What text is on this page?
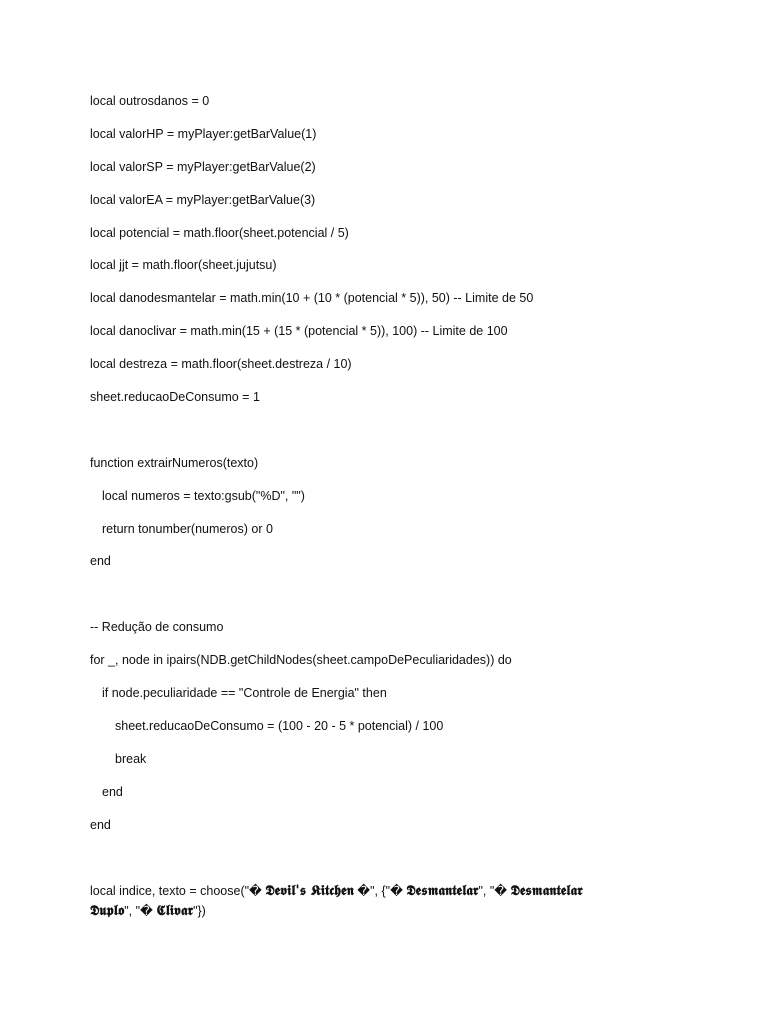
local outrosdanos = 0
local valorHP = myPlayer:getBarValue(1)
local valorSP = myPlayer:getBarValue(2)
local valorEA = myPlayer:getBarValue(3)
local potencial = math.floor(sheet.potencial / 5)
local jjt = math.floor(sheet.jujutsu)
local danodesmantelar = math.min(10 + (10 * (potencial * 5)), 50) -- Limite de 50
local danoclivar = math.min(15 + (15 * (potencial * 5)), 100) -- Limite de 100
local destreza = math.floor(sheet.destreza / 10)
sheet.reducaoDeConsumo = 1
function extrairNumeros(texto)
local numeros = texto:gsub("%D", "")
return tonumber(numeros) or 0
end
-- Redução de consumo
for _, node in ipairs(NDB.getChildNodes(sheet.campoDePeculiaridades)) do
if node.peculiaridade == "Controle de Energia" then
sheet.reducaoDeConsumo = (100 - 20 - 5 * potencial) / 100
break
end
end
local indice, texto = choose("� 𝕯𝖊𝖛𝖎𝖑'𝖘 𝕶𝖎𝖙𝖈𝖍𝖊𝖓 �", {"� 𝕯𝖊𝖘𝖒𝖆𝖓𝖙𝖊𝖑𝖆𝖗", "� 𝕯𝖊𝖘𝖒𝖆𝖓𝖙𝖊𝖑𝖆𝖗 𝕯𝖚𝖕𝖑𝖔", "� 𝕮𝖑𝖎𝖛𝖆𝖗"})
